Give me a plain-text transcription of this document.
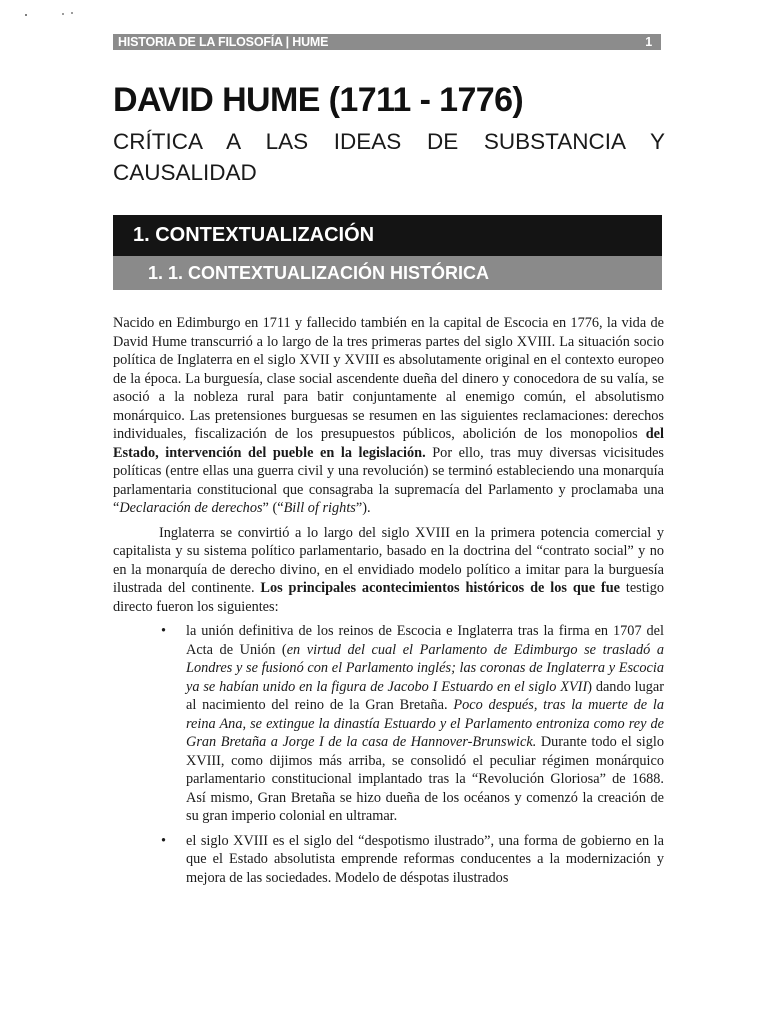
HISTORIA DE LA FILOSOFÍA | HUME	1
DAVID HUME (1711 - 1776)
CRÍTICA A LAS IDEAS DE SUBSTANCIA Y CAUSALIDAD
1. CONTEXTUALIZACIÓN
1. 1. CONTEXTUALIZACIÓN HISTÓRICA

Nacido en Edimburgo en 1711 y fallecido también en la capital de Escocia en 1776, la vida de David Hume transcurrió a lo largo de la tres primeras partes del siglo XVIII. La situación socio política de Inglaterra en el siglo XVII y XVIII es absolutamente original en el contexto europeo de la época. La burguesía, clase social ascendente dueña del dinero y conocedora de su valía, se asoció a la nobleza rural para batir conjuntamente al enemigo común, el absolutismo monárquico. Las pretensiones burguesas se resumen en las siguientes reclamaciones: derechos individuales, fiscalización de los presupuestos públicos, abolición de los monopolios del Estado, intervención del pueble en la legislación. Por ello, tras muy diversas vicisitudes políticas (entre ellas una guerra civil y una revolución) se terminó estableciendo una monarquía parlamentaria constitucional que consagraba la supremacía del Parlamento y proclamaba una “Declaración de derechos” (“Bill of rights”).

Inglaterra se convirtió a lo largo del siglo XVIII en la primera potencia comercial y capitalista y su sistema político parlamentario, basado en la doctrina del “contrato social” y no en la monarquía de derecho divino, en el envidiado modelo político a imitar para la burguesía ilustrada del continente. Los principales acontecimientos históricos de los que fue testigo directo fueron los siguientes:

• la unión definitiva de los reinos de Escocia e Inglaterra tras la firma en 1707 del Acta de Unión (en virtud del cual el Parlamento de Edimburgo se trasladó a Londres y se fusionó con el Parlamento inglés; las coronas de Inglaterra y Escocia ya se habían unido en la figura de Jacobo I Estuardo en el siglo XVII) dando lugar al nacimiento del reino de la Gran Bretaña. Poco después, tras la muerte de la reina Ana, se extingue la dinastía Estuardo y el Parlamento entroniza como rey de Gran Bretaña a Jorge I de la casa de Hannover-Brunswick. Durante todo el siglo XVIII, como dijimos más arriba, se consolidó el peculiar régimen monárquico parlamentario constitucional implantado tras la “Revolución Gloriosa” de 1688. Así mismo, Gran Bretaña se hizo dueña de los océanos y comenzó la creación de su gran imperio colonial en ultramar.
• el siglo XVIII es el siglo del “despotismo ilustrado”, una forma de gobierno en la que el Estado absolutista emprende reformas conducentes a la modernización y mejora de las sociedades. Modelo de déspotas ilustrados
